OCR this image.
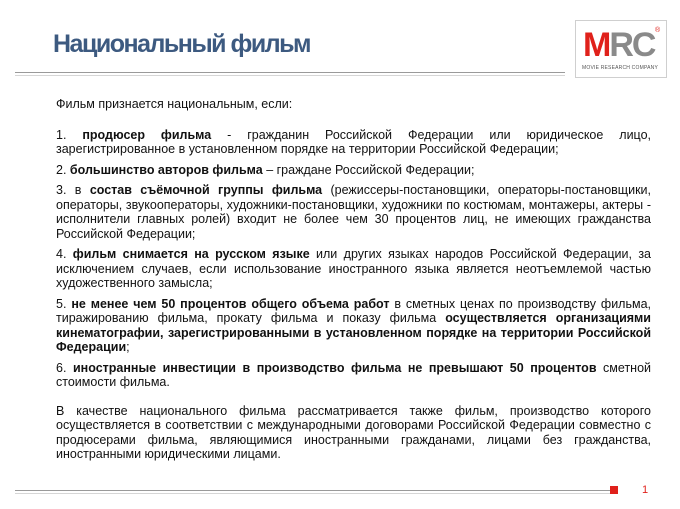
Национальный фильм	MRC ®
MOVIE RESEARCH COMPANY

Фильм признается национальным, если:

1. продюсер фильма - гражданин Российской Федерации или юридическое лицо, зарегистрированное в установленном порядке на территории Российской Федерации;

2. большинство авторов фильма – граждане Российской Федерации;

3. в состав съёмочной группы фильма (режиссеры-постановщики, операторы-постановщики, операторы, звукооператоры, художники-постановщики, художники по костюмам, монтажеры, актеры - исполнители главных ролей) входит не более чем 30 процентов лиц, не имеющих гражданства Российской Федерации;

4. фильм снимается на русском языке или других языках народов Российской Федерации, за исключением случаев, если использование иностранного языка является неотъемлемой частью художественного замысла;

5. не менее чем 50 процентов общего объема работ в сметных ценах по производству фильма, тиражированию фильма, прокату фильма и показу фильма осуществляется организациями кинематографии, зарегистрированными в установленном порядке на территории Российской Федерации;

6. иностранные инвестиции в производство фильма не превышают 50 процентов сметной стоимости фильма.

В качестве национального фильма рассматривается также фильм, производство которого осуществляется в соответствии с международными договорами Российской Федерации совместно с продюсерами фильма, являющимися иностранными гражданами, лицами без гражданства, иностранными юридическими лицами.

1
